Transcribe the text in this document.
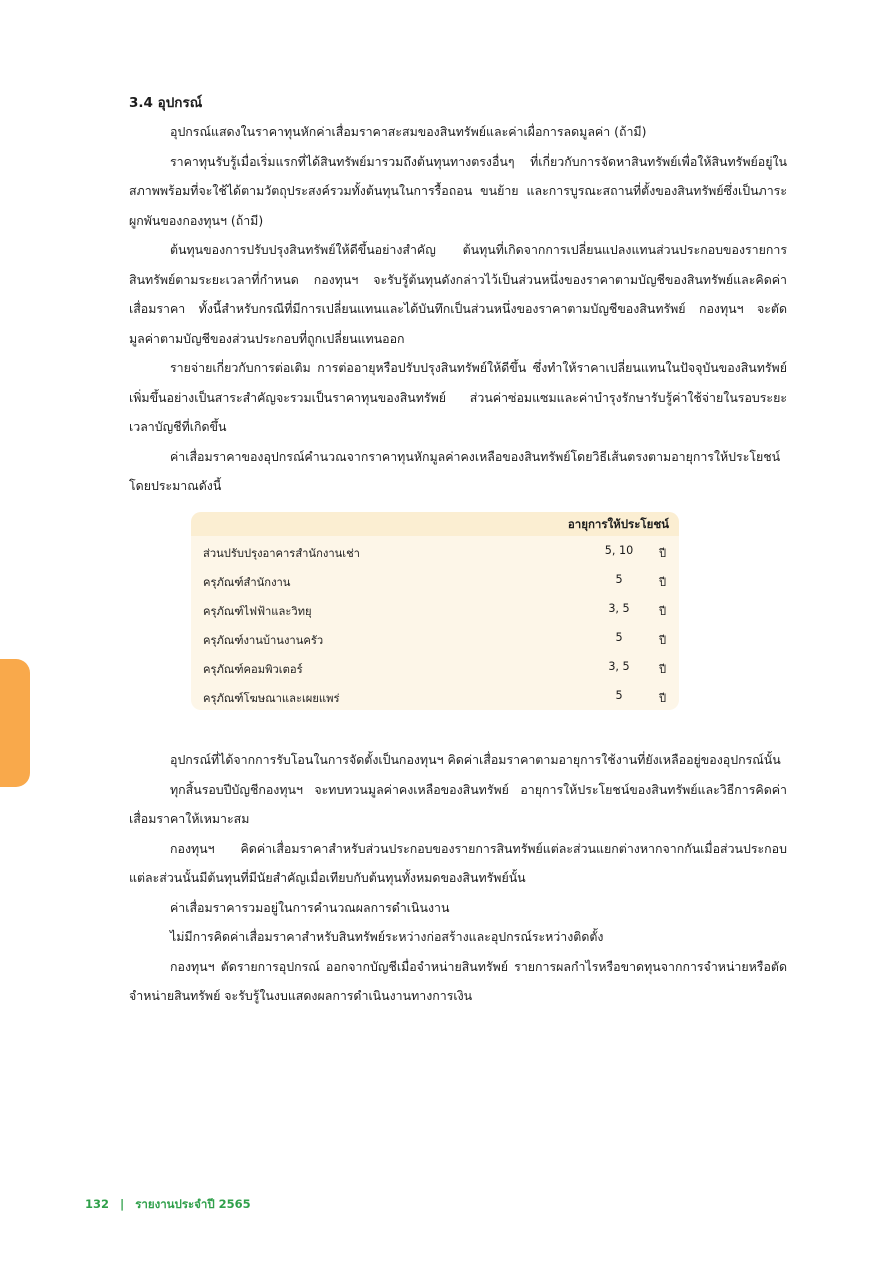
3.4 อุปกรณ์

อุปกรณ์แสดงในราคาทุนหักค่าเสื่อมราคาสะสมของสินทรัพย์และค่าเผื่อการลดมูลค่า (ถ้ามี)

ราคาทุนรับรู้เมื่อเริ่มแรกที่ได้สินทรัพย์มารวมถึงต้นทุนทางตรงอื่นๆ ที่เกี่ยวกับการจัดหาสินทรัพย์เพื่อให้สินทรัพย์อยู่ในสภาพพร้อมที่จะใช้ได้ตามวัตถุประสงค์รวมทั้งต้นทุนในการรื้อถอน ขนย้าย และการบูรณะสถานที่ตั้งของสินทรัพย์ซึ่งเป็นภาระผูกพันของกองทุนฯ (ถ้ามี)

ต้นทุนของการปรับปรุงสินทรัพย์ให้ดีขึ้นอย่างสำคัญ ต้นทุนที่เกิดจากการเปลี่ยนแปลงแทนส่วนประกอบของรายการสินทรัพย์ตามระยะเวลาที่กำหนด กองทุนฯ จะรับรู้ต้นทุนดังกล่าวไว้เป็นส่วนหนึ่งของราคาตามบัญชีของสินทรัพย์และคิดค่าเสื่อมราคา ทั้งนี้สำหรับกรณีที่มีการเปลี่ยนแทนและได้บันทึกเป็นส่วนหนึ่งของราคาตามบัญชีของสินทรัพย์ กองทุนฯ จะตัดมูลค่าตามบัญชีของส่วนประกอบที่ถูกเปลี่ยนแทนออก

รายจ่ายเกี่ยวกับการต่อเติม การต่ออายุหรือปรับปรุงสินทรัพย์ให้ดีขึ้น ซึ่งทำให้ราคาเปลี่ยนแทนในปัจจุบันของสินทรัพย์เพิ่มขึ้นอย่างเป็นสาระสำคัญจะรวมเป็นราคาทุนของสินทรัพย์ ส่วนค่าซ่อมแซมและค่าบำรุงรักษารับรู้ค่าใช้จ่ายในรอบระยะเวลาบัญชีที่เกิดขึ้น

ค่าเสื่อมราคาของอุปกรณ์คำนวณจากราคาทุนหักมูลค่าคงเหลือของสินทรัพย์โดยวิธีเส้นตรงตามอายุการให้ประโยชน์โดยประมาณดังนี้

อายุการให้ประโยชน์
ส่วนปรับปรุงอาคารสำนักงานเช่า	5, 10	ปี
ครุภัณฑ์สำนักงาน	5	ปี
ครุภัณฑ์ไฟฟ้าและวิทยุ	3, 5	ปี
ครุภัณฑ์งานบ้านงานครัว	5	ปี
ครุภัณฑ์คอมพิวเตอร์	3, 5	ปี
ครุภัณฑ์โฆษณาและเผยแพร่	5	ปี

อุปกรณ์ที่ได้จากการรับโอนในการจัดตั้งเป็นกองทุนฯ คิดค่าเสื่อมราคาตามอายุการใช้งานที่ยังเหลืออยู่ของอุปกรณ์นั้น

ทุกสิ้นรอบปีบัญชีกองทุนฯ จะทบทวนมูลค่าคงเหลือของสินทรัพย์ อายุการให้ประโยชน์ของสินทรัพย์และวิธีการคิดค่าเสื่อมราคาให้เหมาะสม

กองทุนฯ คิดค่าเสื่อมราคาสำหรับส่วนประกอบของรายการสินทรัพย์แต่ละส่วนแยกต่างหากจากกันเมื่อส่วนประกอบแต่ละส่วนนั้นมีต้นทุนที่มีนัยสำคัญเมื่อเทียบกับต้นทุนทั้งหมดของสินทรัพย์นั้น

ค่าเสื่อมราคารวมอยู่ในการคำนวณผลการดำเนินงาน

ไม่มีการคิดค่าเสื่อมราคาสำหรับสินทรัพย์ระหว่างก่อสร้างและอุปกรณ์ระหว่างติดตั้ง

กองทุนฯ ตัดรายการอุปกรณ์ ออกจากบัญชีเมื่อจำหน่ายสินทรัพย์ รายการผลกำไรหรือขาดทุนจากการจำหน่ายหรือตัดจำหน่ายสินทรัพย์ จะรับรู้ในงบแสดงผลการดำเนินงานทางการเงิน

132 | รายงานประจำปี 2565
